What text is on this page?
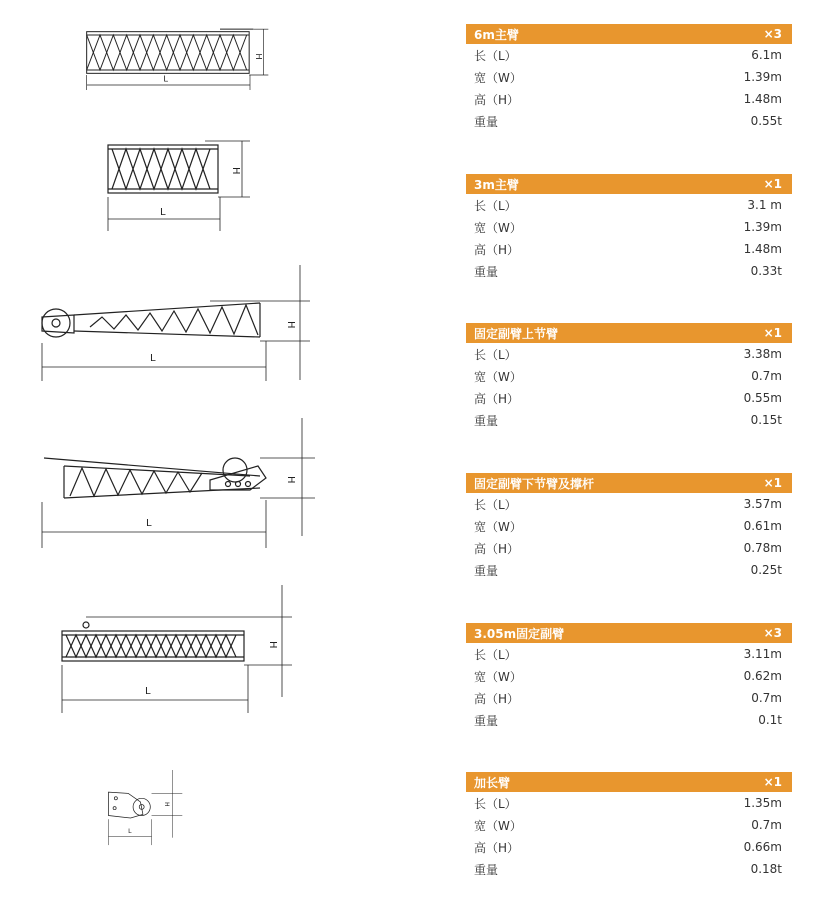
H
L
6m主臂	×3
长（L）	6.1m
宽（W）	1.39m
高（H）	1.48m
重量	0.55t
H
L
3m主臂	×1
长（L）	3.1 m
宽（W）	1.39m
高（H）	1.48m
重量	0.33t
H
L
固定副臂上节臂	×1
长（L）	3.38m
宽（W）	0.7m
高（H）	0.55m
重量	0.15t
H
L
固定副臂下节臂及撑杆	×1
长（L）	3.57m
宽（W）	0.61m
高（H）	0.78m
重量	0.25t
H
L
3.05m固定副臂	×3
长（L）	3.11m
宽（W）	0.62m
高（H）	0.7m
重量	0.1t
H
L
加长臂	×1
长（L）	1.35m
宽（W）	0.7m
高（H）	0.66m
重量	0.18t
